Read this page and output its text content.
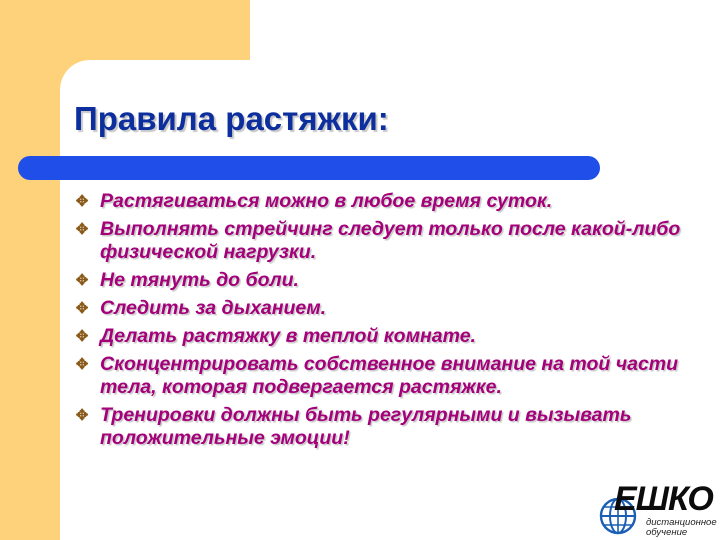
Правила растяжки:
✥ Растягиваться можно в любое время суток.
✥ Выполнять стрейчинг следует только после какой-либо физической нагрузки.
✥ Не тянуть до боли.
✥ Следить за дыханием.
✥ Делать растяжку в теплой комнате.
✥ Сконцентрировать собственное внимание на той части тела, которая подвергается растяжке.
✥ Тренировки должны быть регулярными и вызывать положительные эмоции!
ЕШКО
дистанционное обучение
